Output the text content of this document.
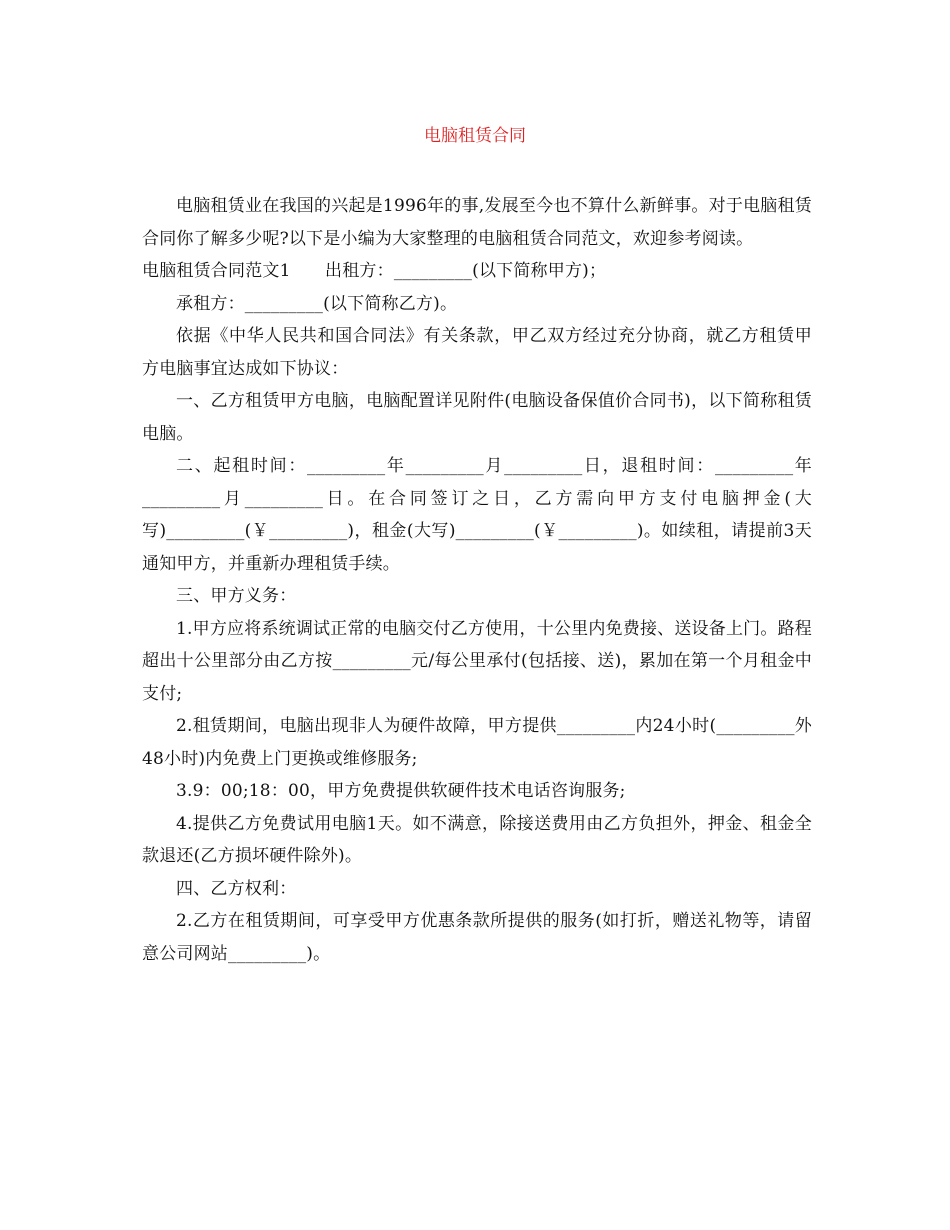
电脑租赁合同

电脑租赁业在我国的兴起是1996年的事,发展至今也不算什么新鲜事。对于电脑租赁合同你了解多少呢?以下是小编为大家整理的电脑租赁合同范文，欢迎参考阅读。

电脑租赁合同范文1　　出租方：_________(以下简称甲方)；

承租方：_________(以下简称乙方)。

依据《中华人民共和国合同法》有关条款，甲乙双方经过充分协商，就乙方租赁甲方电脑事宜达成如下协议：

一、乙方租赁甲方电脑，电脑配置详见附件(电脑设备保值价合同书)，以下简称租赁电脑。

二、起租时间：_________年_________月_________日，退租时间：_________年_________月_________日。在合同签订之日，乙方需向甲方支付电脑押金(大写)_________(￥_________)，租金(大写)_________(￥_________)。如续租，请提前3天通知甲方，并重新办理租赁手续。

三、甲方义务：

1.甲方应将系统调试正常的电脑交付乙方使用，十公里内免费接、送设备上门。路程超出十公里部分由乙方按_________元/每公里承付(包括接、送)，累加在第一个月租金中支付;

2.租赁期间，电脑出现非人为硬件故障，甲方提供_________内24小时(_________外48小时)内免费上门更换或维修服务;

3.9：00;18：00，甲方免费提供软硬件技术电话咨询服务;

4.提供乙方免费试用电脑1天。如不满意，除接送费用由乙方负担外，押金、租金全款退还(乙方损坏硬件除外)。

四、乙方权利：

2.乙方在租赁期间，可享受甲方优惠条款所提供的服务(如打折，赠送礼物等，请留意公司网站_________)。
